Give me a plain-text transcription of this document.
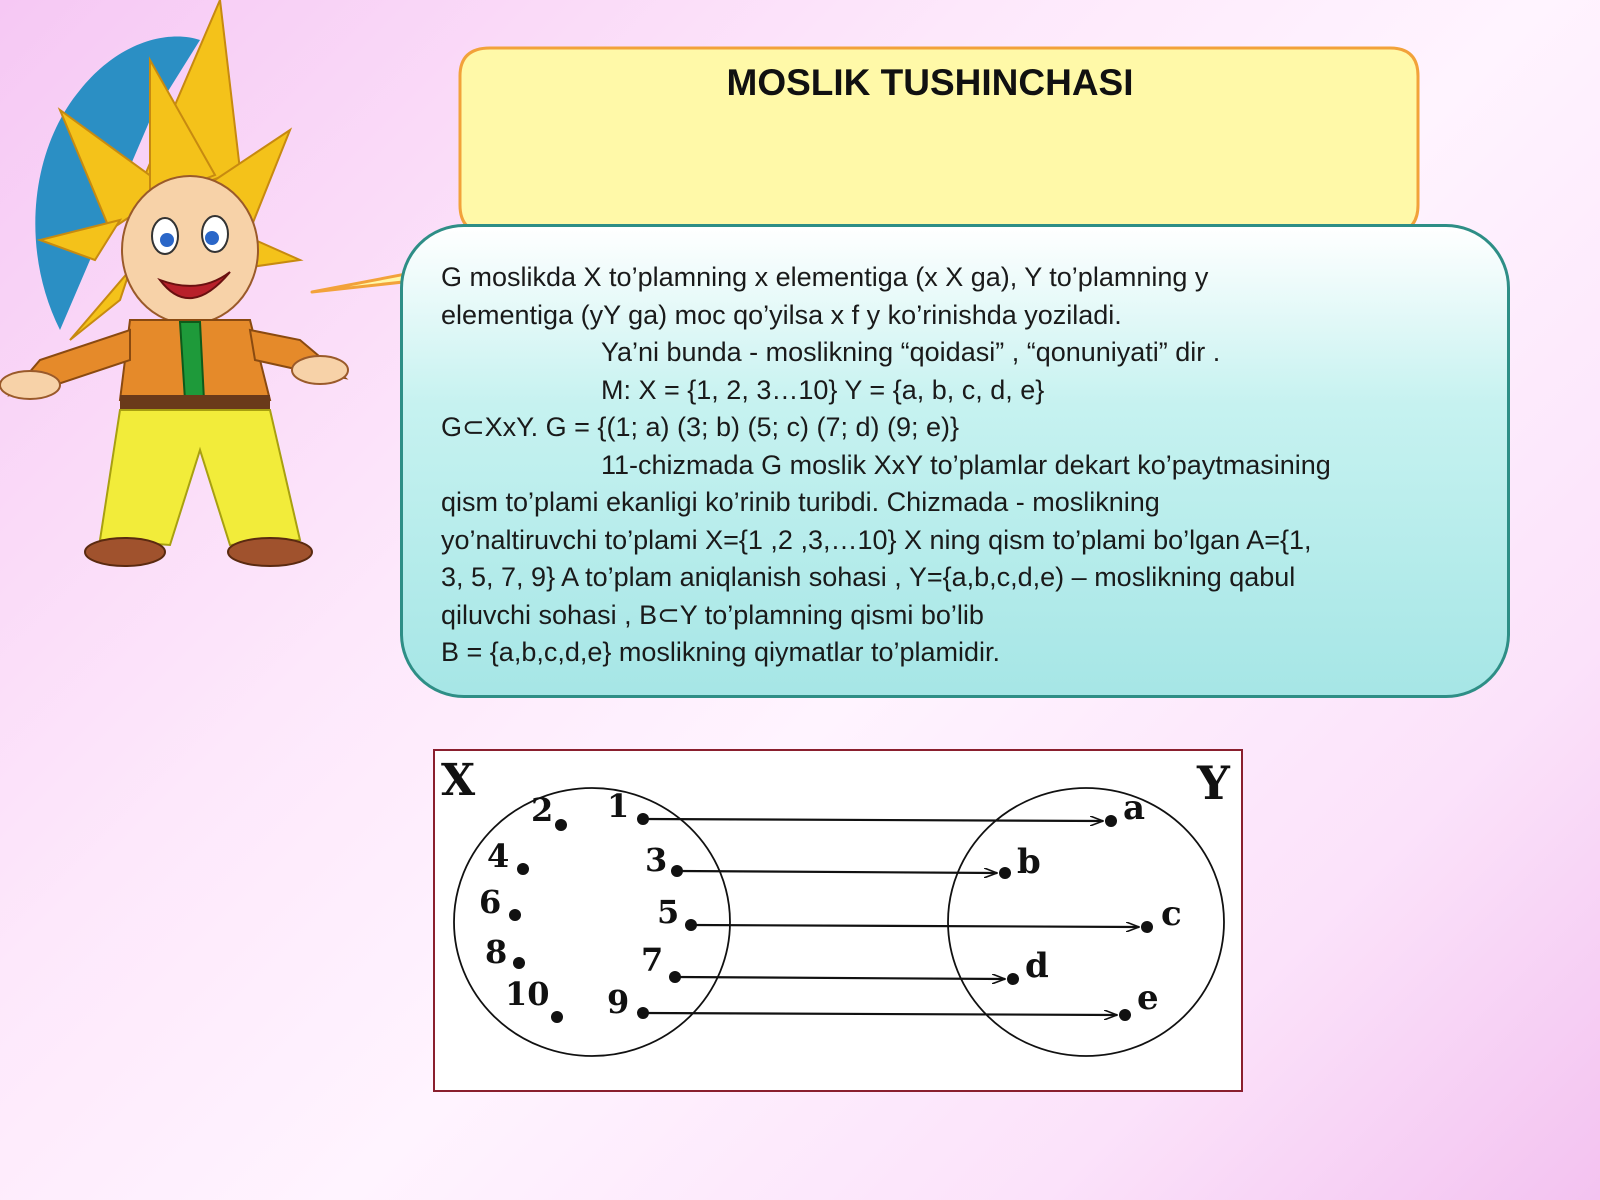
MOSLIK TUSHINCHASI
G moslikda X to’plamning x elementiga (x X ga), Y to’plamning y
elementiga (yY ga) moc qo’yilsa x f y ko’rinishda yoziladi.
Ya’ni bunda - moslikning “qoidasi” , “qonuniyati” dir .
M: X = {1, 2, 3…10} Y = {a, b, c, d, e}
G⊂XxY. G = {(1; a) (3; b) (5; c) (7; d) (9; e)}
11-chizmada G moslik XxY to’plamlar dekart ko’paytmasining
qism to’plami ekanligi ko’rinib turibdi. Chizmada - moslikning
yo’naltiruvchi to’plami X={1 ,2 ,3,…10} X ning qism to’plami bo’lgan A={1,
3, 5, 7, 9} A to’plam aniqlanish sohasi , Y={a,b,c,d,e) – moslikning qabul
qiluvchi sohasi , B⊂Y to’plamning qismi bo’lib
B = {a,b,c,d,e} moslikning qiymatlar to’plamidir.
X	Y
1
2
3
4
5
6
7
8
9
10
a
b
c
d
e
